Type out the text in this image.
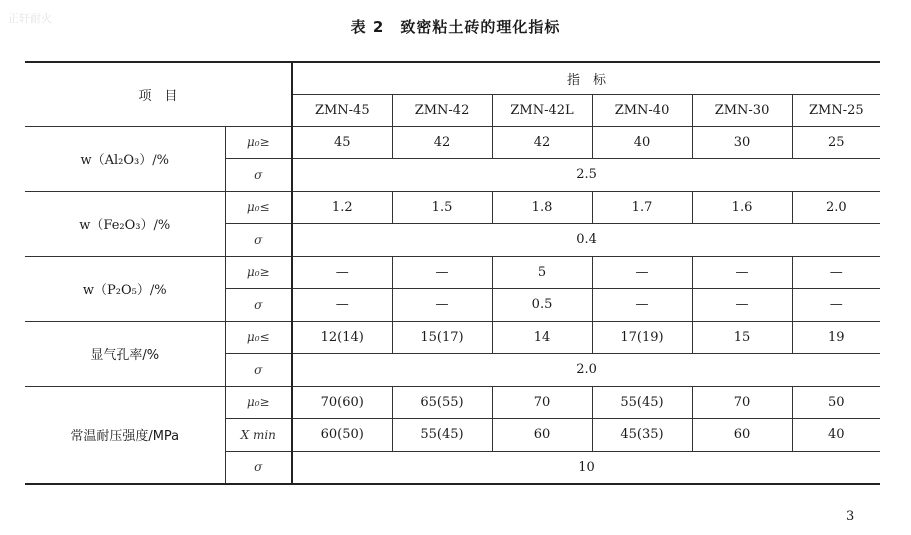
正轩耐火	表 2　致密粘土砖的理化指标
项　目		指　标					
		ZMN-45	ZMN-42	ZMN-42L	ZMN-40	ZMN-30	ZMN-25
w（Al₂O₃）/%	μ₀≥	45	42	42	40	30	25
	σ	2.5					
w（Fe₂O₃）/%	μ₀≤	1.2	1.5	1.8	1.7	1.6	2.0
	σ	0.4					
w（P₂O₅）/%	μ₀≥	—	—	5	—	—	—
	σ	—	—	0.5	—	—	—
显气孔率/%	μ₀≤	12(14)	15(17)	14	17(19)	15	19
	σ	2.0					
常温耐压强度/MPa	μ₀≥	70(60)	65(55)	70	55(45)	70	50
	X min	60(50)	55(45)	60	45(35)	60	40
	σ	10					
3
